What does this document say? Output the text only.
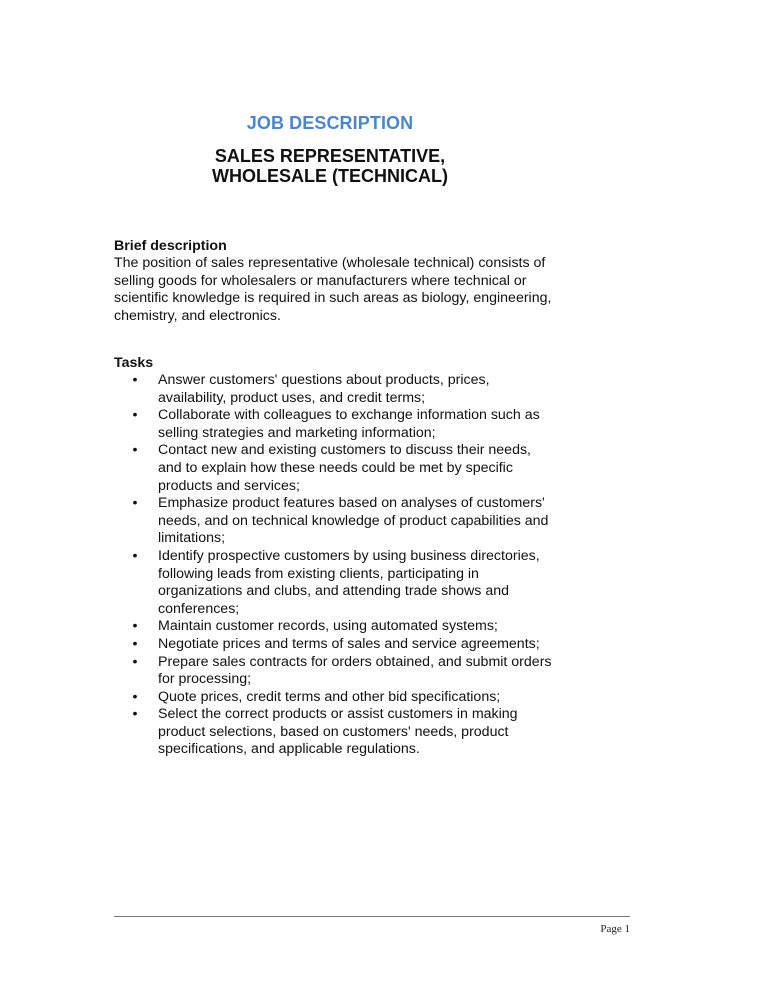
JOB DESCRIPTION
SALES REPRESENTATIVE,
WHOLESALE (TECHNICAL)
Brief description
The position of sales representative (wholesale technical) consists of
selling goods for wholesalers or manufacturers where technical or
scientific knowledge is required in such areas as biology, engineering,
chemistry, and electronics.
Tasks
• Answer customers' questions about products, prices,
availability, product uses, and credit terms;
• Collaborate with colleagues to exchange information such as
selling strategies and marketing information;
• Contact new and existing customers to discuss their needs,
and to explain how these needs could be met by specific
products and services;
• Emphasize product features based on analyses of customers'
needs, and on technical knowledge of product capabilities and
limitations;
• Identify prospective customers by using business directories,
following leads from existing clients, participating in
organizations and clubs, and attending trade shows and
conferences;
• Maintain customer records, using automated systems;
• Negotiate prices and terms of sales and service agreements;
• Prepare sales contracts for orders obtained, and submit orders
for processing;
• Quote prices, credit terms and other bid specifications;
• Select the correct products or assist customers in making
product selections, based on customers' needs, product
specifications, and applicable regulations.
Page 1
